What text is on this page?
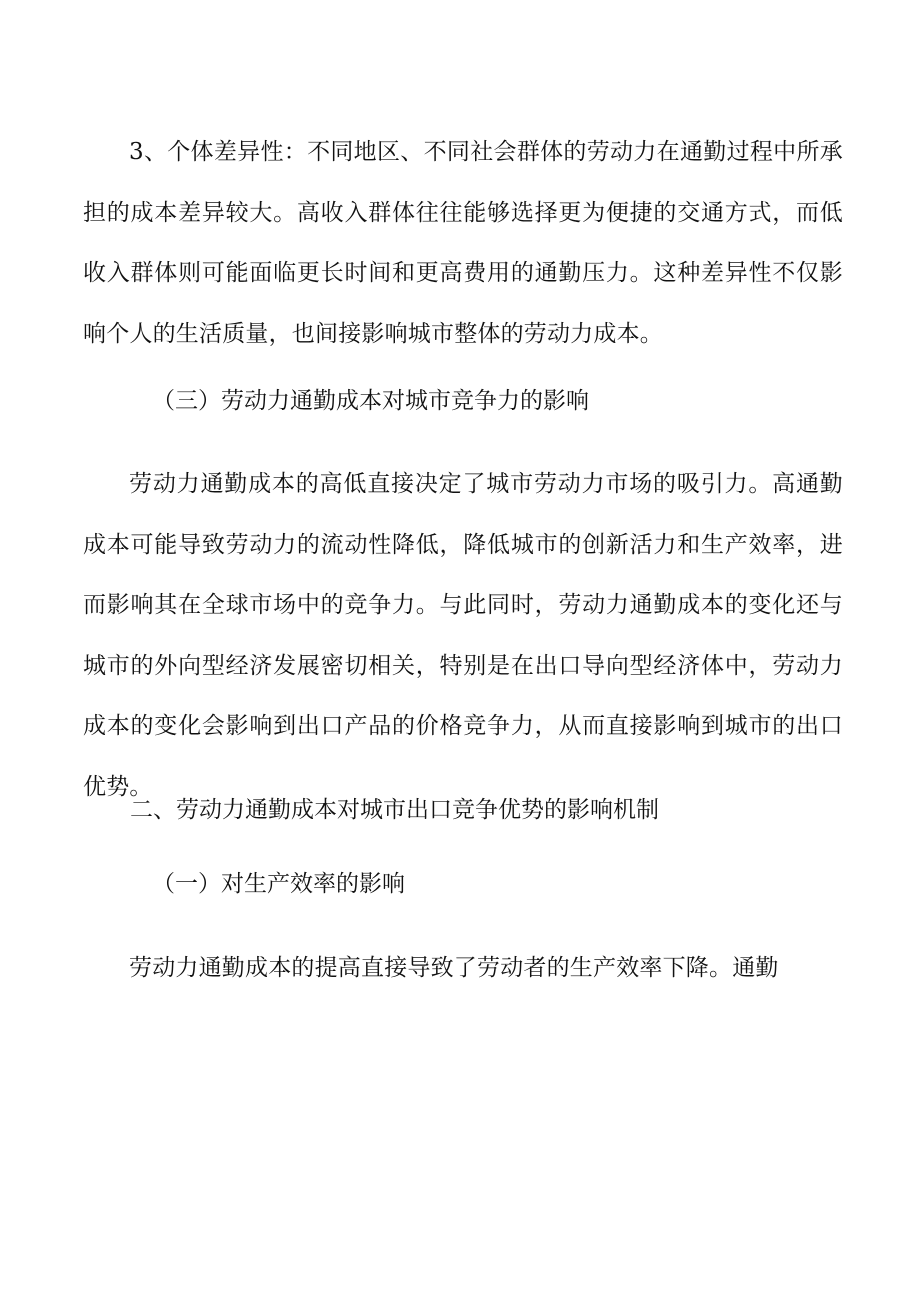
3、个体差异性：不同地区、不同社会群体的劳动力在通勤过程中所承担的成本差异较大。高收入群体往往能够选择更为便捷的交通方式，而低收入群体则可能面临更长时间和更高费用的通勤压力。这种差异性不仅影响个人的生活质量，也间接影响城市整体的劳动力成本。

（三）劳动力通勤成本对城市竞争力的影响

劳动力通勤成本的高低直接决定了城市劳动力市场的吸引力。高通勤成本可能导致劳动力的流动性降低，降低城市的创新活力和生产效率，进而影响其在全球市场中的竞争力。与此同时，劳动力通勤成本的变化还与城市的外向型经济发展密切相关，特别是在出口导向型经济体中，劳动力成本的变化会影响到出口产品的价格竞争力，从而直接影响到城市的出口优势。

二、劳动力通勤成本对城市出口竞争优势的影响机制

（一）对生产效率的影响

劳动力通勤成本的提高直接导致了劳动者的生产效率下降。通勤
